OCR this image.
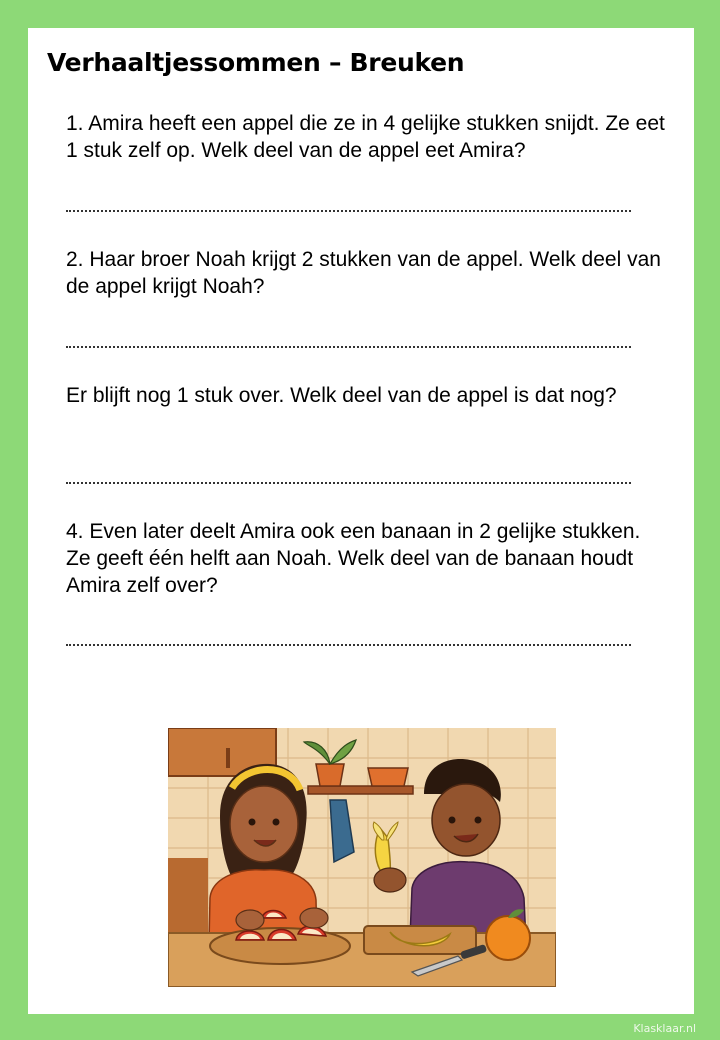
Verhaaltjessommen – Breuken
1. Amira heeft een appel die ze in 4 gelijke stukken snijdt. Ze eet 1 stuk zelf op. Welk deel van de appel eet Amira?
2. Haar broer Noah krijgt 2 stukken van de appel. Welk deel van de appel krijgt Noah?
Er blijft nog 1 stuk over. Welk deel van de appel is dat nog?
4. Even later deelt Amira ook een banaan in 2 gelijke stukken. Ze geeft één helft aan Noah. Welk deel van de banaan houdt Amira zelf over?
Klasklaar.nl
